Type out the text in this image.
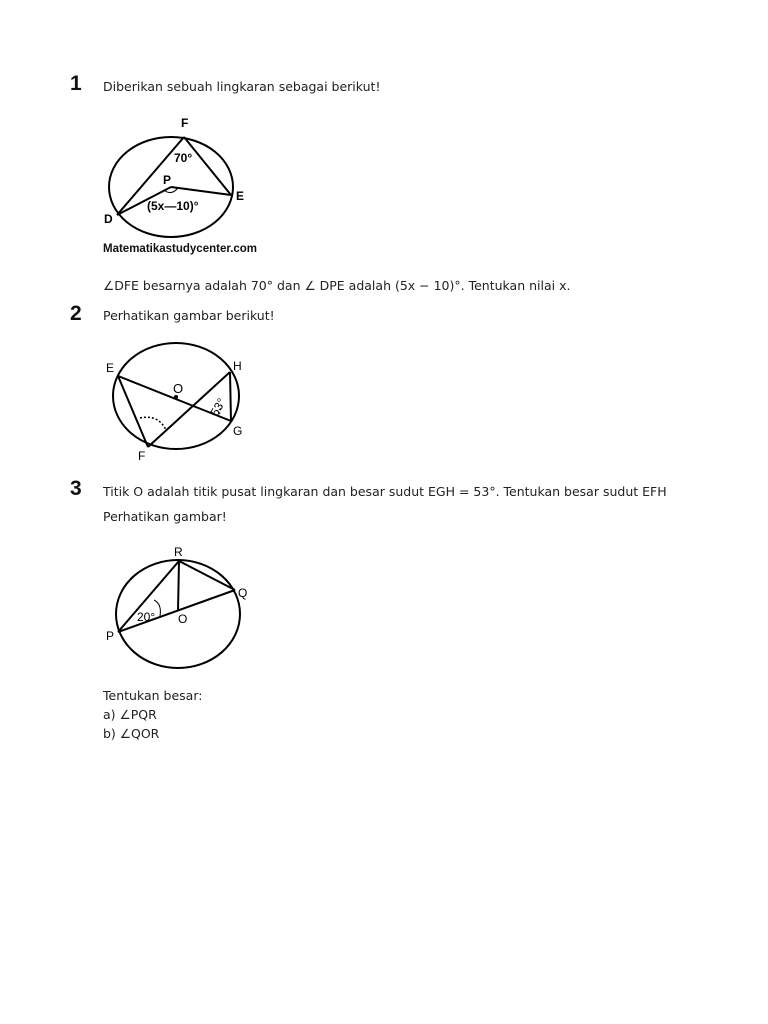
1 Diberikan sebuah lingkaran sebagai berikut!
F
E
D
P
70°
(5x—10)°
Matematikastudycenter.com
∠DFE besarnya adalah 70° dan ∠ DPE adalah (5x − 10)°. Tentukan nilai x.
2 Perhatikan gambar berikut!
E	H
O
G
F
53°
3 Titik O adalah titik pusat lingkaran dan besar sudut EGH = 53°. Tentukan besar sudut EFH
Perhatikan gambar!
R
Q
P
O
20°
Tentukan besar:
a) ∠PQR
b) ∠QOR
